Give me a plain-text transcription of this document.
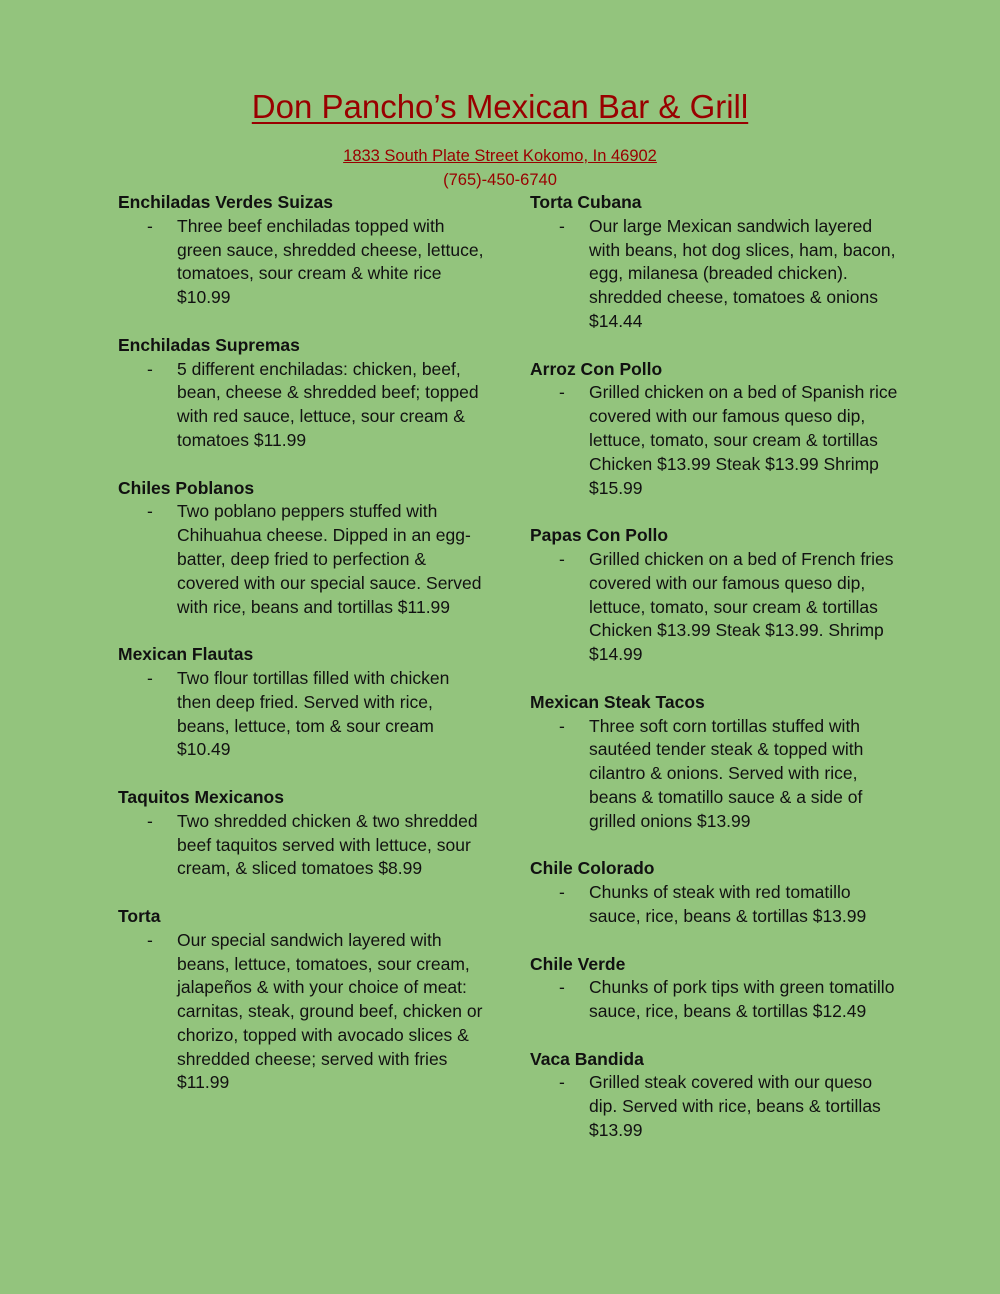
Don Pancho’s Mexican Bar & Grill
1833 South Plate Street Kokomo, In 46902
(765)-450-6740
Enchiladas Verdes Suizas
- Three beef enchiladas topped with green sauce, shredded cheese, lettuce, tomatoes, sour cream & white rice $10.99
Enchiladas Supremas
- 5 different enchiladas: chicken, beef, bean, cheese & shredded beef; topped with red sauce, lettuce, sour cream & tomatoes $11.99
Chiles Poblanos
- Two poblano peppers stuffed with Chihuahua cheese. Dipped in an egg-batter, deep fried to perfection & covered with our special sauce. Served with rice, beans and tortillas $11.99
Mexican Flautas
- Two flour tortillas filled with chicken then deep fried. Served with rice, beans, lettuce, tom & sour cream $10.49
Taquitos Mexicanos
- Two shredded chicken & two shredded beef taquitos served with lettuce, sour cream, & sliced tomatoes $8.99
Torta
- Our special sandwich layered with beans, lettuce, tomatoes, sour cream, jalapeños & with your choice of meat: carnitas, steak, ground beef, chicken or chorizo, topped with avocado slices & shredded cheese; served with fries $11.99
Torta Cubana
- Our large Mexican sandwich layered with beans, hot dog slices, ham, bacon, egg, milanesa (breaded chicken). shredded cheese, tomatoes & onions $14.44
Arroz Con Pollo
- Grilled chicken on a bed of Spanish rice covered with our famous queso dip, lettuce, tomato, sour cream & tortillas Chicken $13.99 Steak $13.99 Shrimp $15.99
Papas Con Pollo
- Grilled chicken on a bed of French fries covered with our famous queso dip, lettuce, tomato, sour cream & tortillas Chicken $13.99 Steak $13.99. Shrimp $14.99
Mexican Steak Tacos
- Three soft corn tortillas stuffed with sautéed tender steak & topped with cilantro & onions. Served with rice, beans & tomatillo sauce & a side of grilled onions $13.99
Chile Colorado
- Chunks of steak with red tomatillo sauce, rice, beans & tortillas $13.99
Chile Verde
- Chunks of pork tips with green tomatillo sauce, rice, beans & tortillas $12.49
Vaca Bandida
- Grilled steak covered with our queso dip. Served with rice, beans & tortillas $13.99
